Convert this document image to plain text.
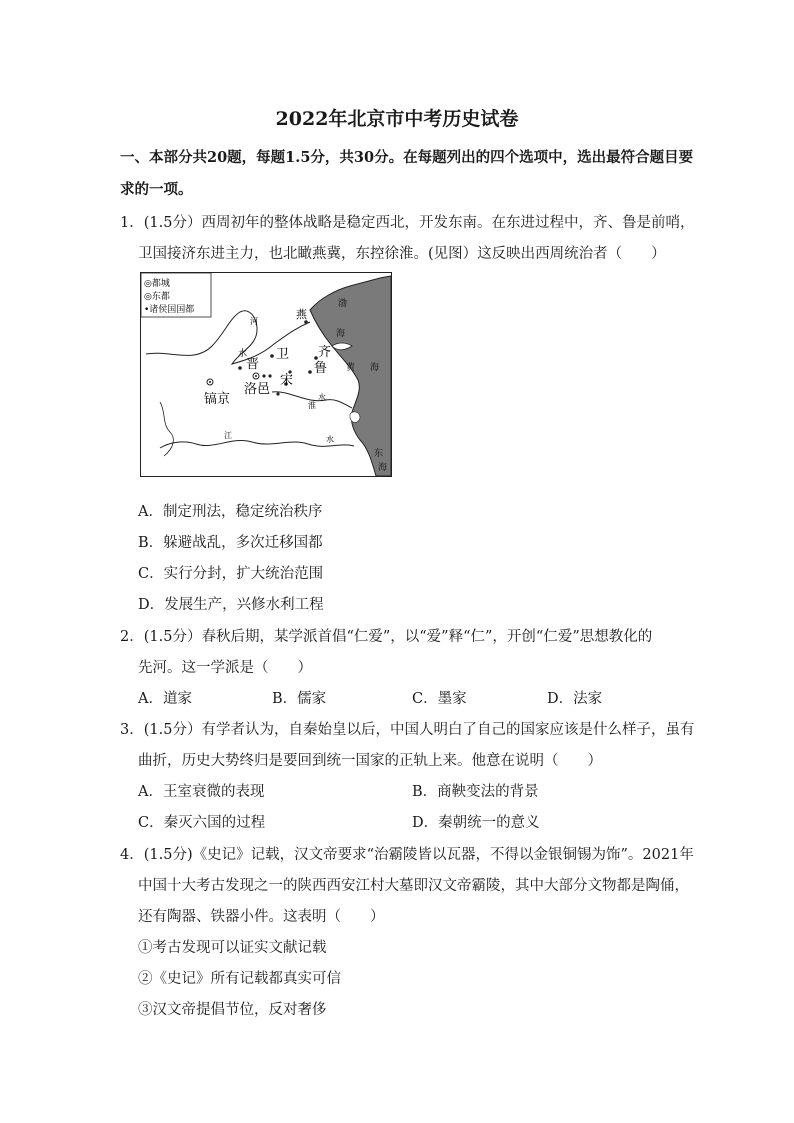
2022年北京市中考历史试卷
一、本部分共20题，每题1.5分，共30分。在每题列出的四个选项中，选出最符合题目要
求的一项。
1．(1.5分）西周初年的整体战略是稳定西北，开发东南。在东进过程中，齐、鲁是前哨，
卫国接济东进主力，也北瞰燕冀，东控徐淮。(见图）这反映出西周统治者（　　）
◎都城
◎东都
•诸侯国国都	燕
晋
卫 齐
鲁
宋
洛邑
镐京
河
水
渤
海
黄 海
淮
水
江	水
东
海
A．制定刑法，稳定统治秩序
B．躲避战乱，多次迁移国都
C．实行分封，扩大统治范围
D．发展生产，兴修水利工程
2．(1.5分）春秋后期，某学派首倡“仁爱”，以“爱”释“仁”，开创“仁爱”思想教化的
先河。这一学派是（　　）
A．道家	B．儒家	C．墨家	D．法家
3．(1.5分）有学者认为，自秦始皇以后，中国人明白了自己的国家应该是什么样子，虽有
曲折，历史大势终归是要回到统一国家的正轨上来。他意在说明（　　）
A．王室衰微的表现	B．商鞅变法的背景
C．秦灭六国的过程	D．秦朝统一的意义
4．(1.5分)《史记》记载，汉文帝要求“治霸陵皆以瓦器，不得以金银铜锡为饰”。2021年
中国十大考古发现之一的陕西西安江村大墓即汉文帝霸陵，其中大部分文物都是陶俑，
还有陶器、铁器小件。这表明（　　）
①考古发现可以证实文献记载
②《史记》所有记载都真实可信
③汉文帝提倡节位，反对奢侈
